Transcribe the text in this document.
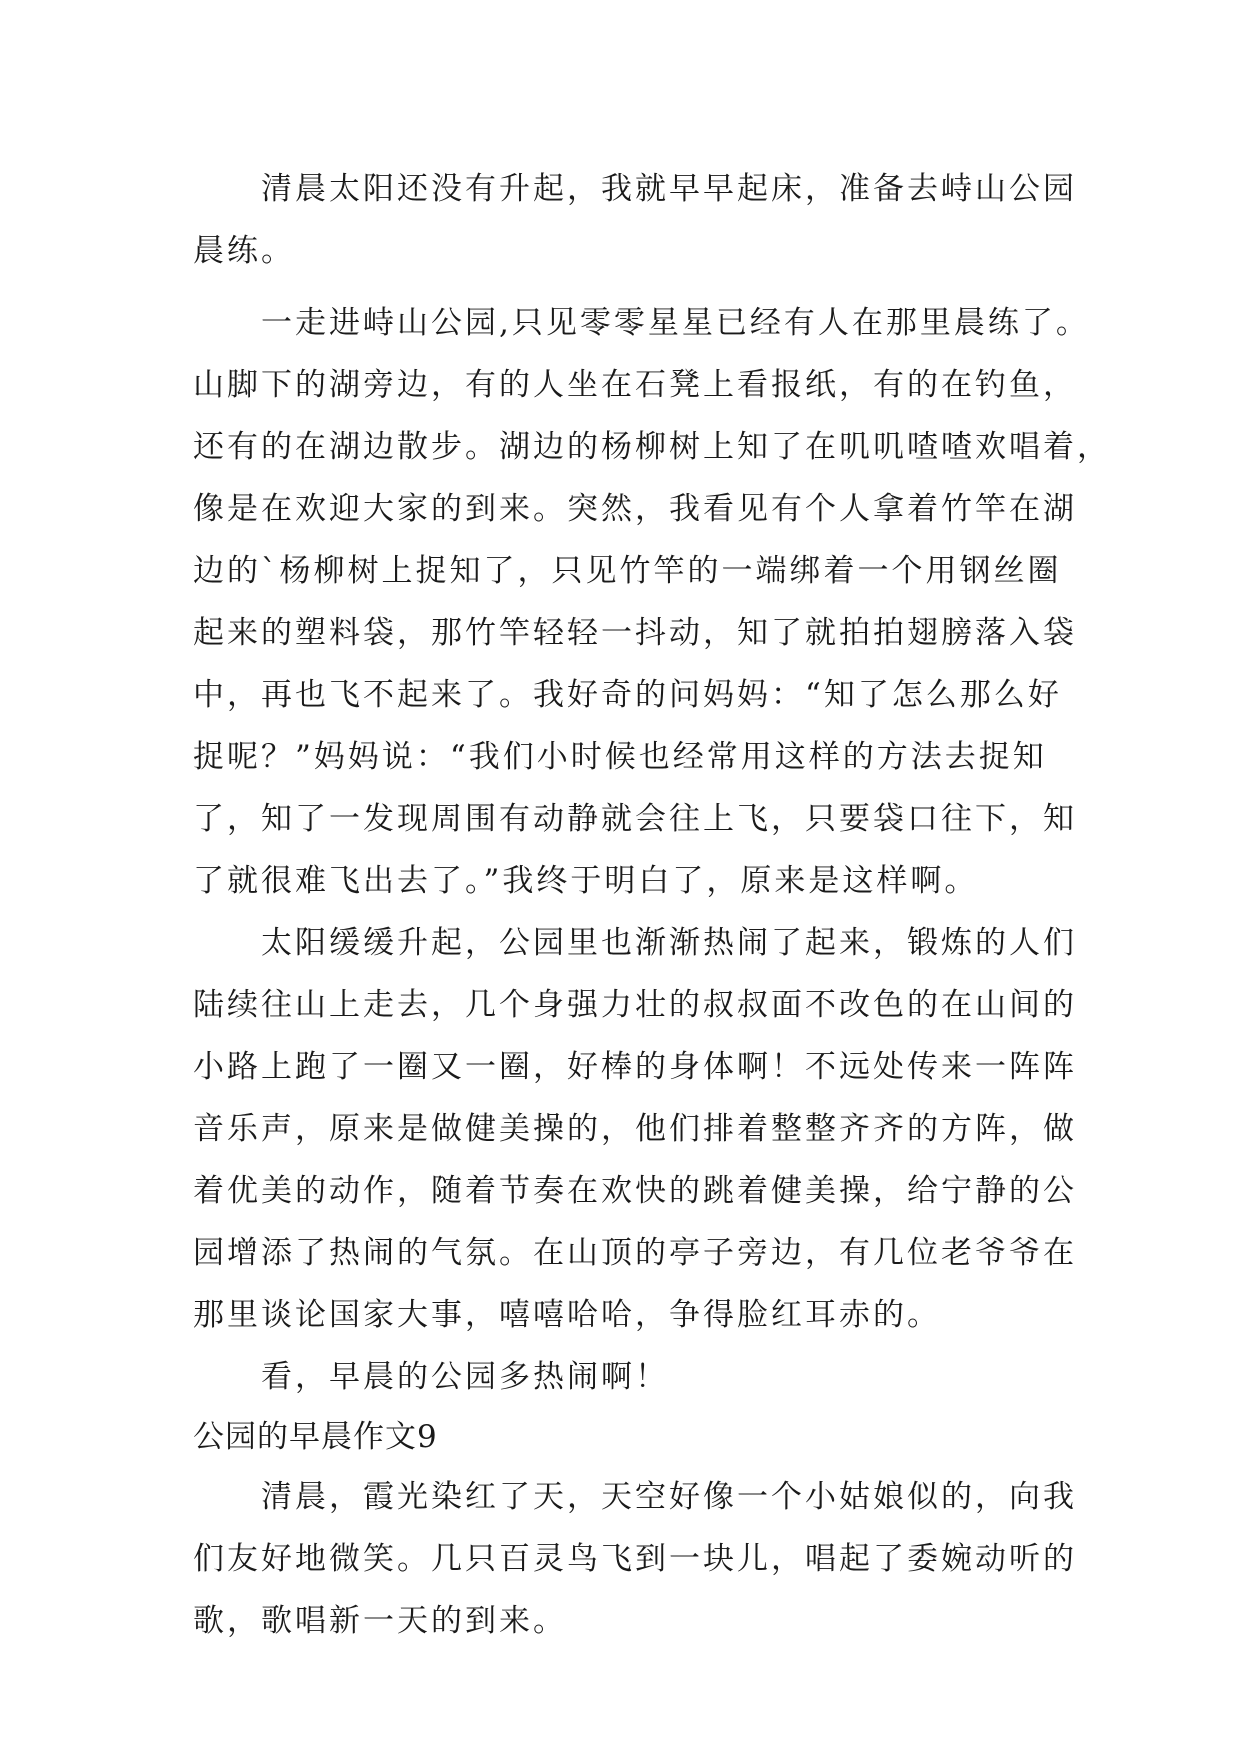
清晨太阳还没有升起，我就早早起床，准备去峙山公园
晨练。
一走进峙山公园,只见零零星星已经有人在那里晨练了。
山脚下的湖旁边，有的人坐在石凳上看报纸，有的在钓鱼，
还有的在湖边散步。湖边的杨柳树上知了在叽叽喳喳欢唱着，
像是在欢迎大家的到来。突然，我看见有个人拿着竹竿在湖
边的`杨柳树上捉知了，只见竹竿的一端绑着一个用钢丝圈
起来的塑料袋，那竹竿轻轻一抖动，知了就拍拍翅膀落入袋
中，再也飞不起来了。我好奇的问妈妈：“知了怎么那么好
捉呢？”妈妈说：“我们小时候也经常用这样的方法去捉知
了，知了一发现周围有动静就会往上飞，只要袋口往下，知
了就很难飞出去了。”我终于明白了，原来是这样啊。
太阳缓缓升起，公园里也渐渐热闹了起来，锻炼的人们
陆续往山上走去，几个身强力壮的叔叔面不改色的在山间的
小路上跑了一圈又一圈，好棒的身体啊！不远处传来一阵阵
音乐声，原来是做健美操的，他们排着整整齐齐的方阵，做
着优美的动作，随着节奏在欢快的跳着健美操，给宁静的公
园增添了热闹的气氛。在山顶的亭子旁边，有几位老爷爷在
那里谈论国家大事，嘻嘻哈哈，争得脸红耳赤的。
看，早晨的公园多热闹啊！
公园的早晨作文9
清晨，霞光染红了天，天空好像一个小姑娘似的，向我
们友好地微笑。几只百灵鸟飞到一块儿，唱起了委婉动听的
歌，歌唱新一天的到来。
